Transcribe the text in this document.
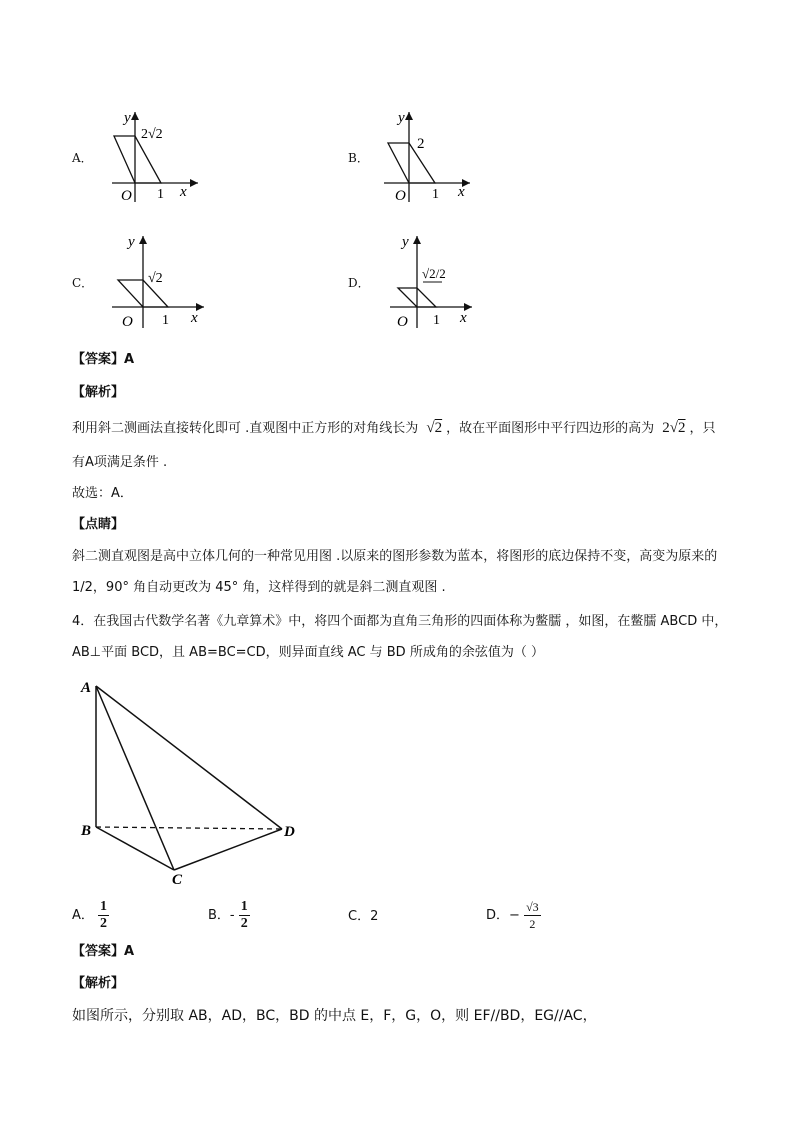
A．
y
x
O 1
2√2
B．
y
x
O 1
2
C．
y
x
O 1
√2	D．
y
x
O 1
√2/2
【答案】A
【解析】
利用斜二测画法直接转化即可 .直观图中正方形的对角线长为 √2 ，故在平面图形中平行四边形的高为 2√2 ，只
有A项满足条件 .
故选：A．
【点睛】
斜二测直观图是高中立体几何的一种常见用图 .以原来的图形参数为蓝本，将图形的底边保持不变，高变为原来的
1/2，90° 角自动更改为 45° 角，这样得到的就是斜二测直观图 .
4．在我国古代数学名著《九章算术》中，将四个面都为直角三角形的四面体称为鳖臑 ，如图，在鳖臑 ABCD 中，
AB⊥平面 BCD，且 AB=BC=CD，则异面直线 AC 与 BD 所成角的余弦值为（ ）
A
B
C
D
A． $\frac{1}{2}$	B．- $\frac{1}{2}$	C．2	D．− $\frac{√3}{2}$
【答案】A
【解析】
如图所示，分别取 AB，AD，BC，BD 的中点 E，F，G，O，则 EF//BD，EG//AC，
